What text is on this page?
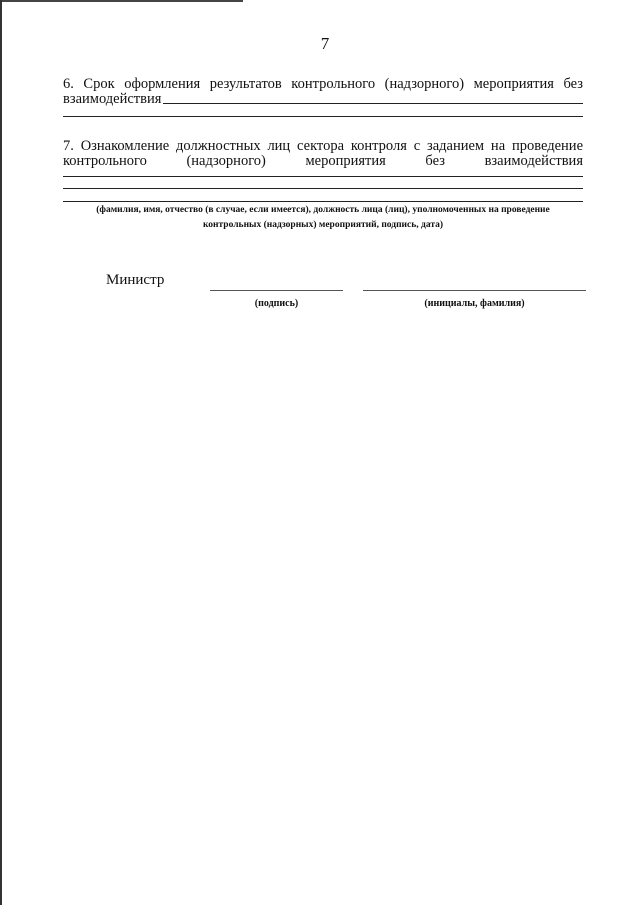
7
6. Срок оформления результатов контрольного (надзорного) мероприятия без
взаимодействия
7. Ознакомление должностных лиц сектора контроля с заданием на проведение
контрольного (надзорного) мероприятия без взаимодействия
(фамилия, имя, отчество (в случае, если имеется), должность лица (лиц), уполномоченных на проведение
контрольных (надзорных) мероприятий, подпись, дата)
Министр
(подпись)	(инициалы, фамилия)
